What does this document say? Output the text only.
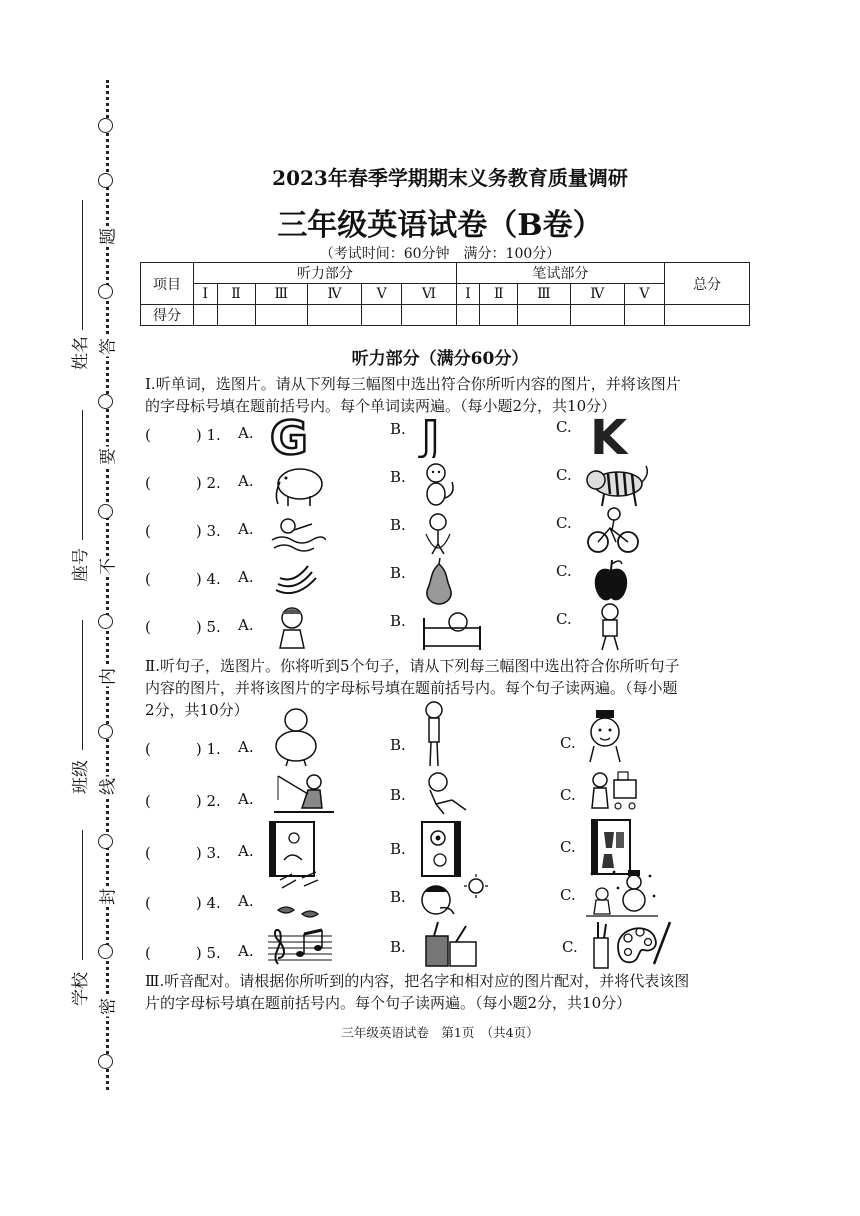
题
答
要
不
内
线
封
密
姓名
座号
班级
学校
2023年春季学期期末义务教育质量调研
三年级英语试卷（B卷）
（考试时间：60分钟　满分：100分）
项目	听力部分						笔试部分					总分
	Ⅰ	Ⅱ	Ⅲ	Ⅳ	Ⅴ	Ⅵ	Ⅰ	Ⅱ	Ⅲ	Ⅳ	Ⅴ	
得分												
听力部分（满分60分）
Ⅰ.听单词，选图片。请从下列每三幅图中选出符合你所听内容的图片，并将该图片
的字母标号填在题前括号内。每个单词读两遍。（每小题2分，共10分）
(　　　) 1. A.	B.	C.
G J	K
(　　　) 2. A.	B.	C.
(　　　) 3. A.	B.	C.
(　　　) 4. A.	B.	C.
(　　　) 5. A.	B.	C.
Ⅱ.听句子，选图片。你将听到5个句子，请从下列每三幅图中选出符合你所听句子
内容的图片，并将该图片的字母标号填在题前括号内。每个句子读两遍。（每小题
2分，共10分）
(　　　) 1. A.	B.	C.
(　　　) 2. A.	B.	C.
(　　　) 3. A.	B.	C.
(　　　) 4. A.	B.	C.
(　　　) 5. A.	B.	C.
Ⅲ.听音配对。请根据你所听到的内容，把名字和相对应的图片配对，并将代表该图
片的字母标号填在题前括号内。每个句子读两遍。（每小题2分，共10分）
三年级英语试卷　第1页　（共4页）
